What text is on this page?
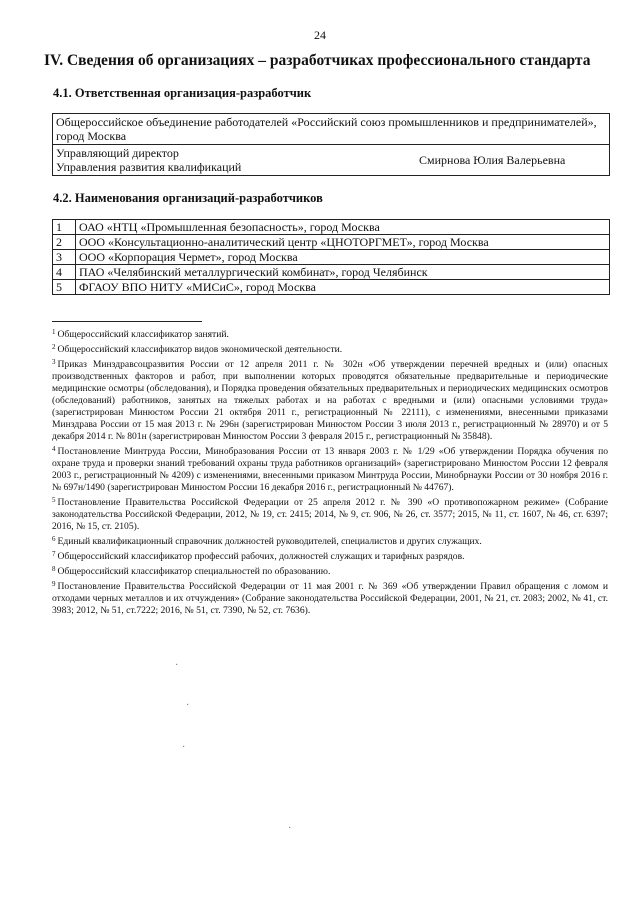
24
IV. Сведения об организациях – разработчиках профессионального стандарта
4.1. Ответственная организация-разработчик
Общероссийское объединение работодателей «Российский союз промышленников и предпринимателей», город Москва

Управляющий директор
Управления развития квалификаций	Смирнова Юлия Валерьевна
4.2. Наименования организаций-разработчиков
1	ОАО «НТЦ «Промышленная безопасность», город Москва
2	ООО «Консультационно-аналитический центр «ЦНОТОРГМЕТ», город Москва
3	ООО «Корпорация Чермет», город Москва
4	ПАО «Челябинский металлургический комбинат», город Челябинск
5	ФГАОУ ВПО НИТУ «МИСиС», город Москва

$^1$ Общероссийский классификатор занятий.

$^2$ Общероссийский классификатор видов экономической деятельности.

$^3$ Приказ Минздравсоцразвития России от 12 апреля 2011 г. № 302н «Об утверждении перечней вредных и (или) опасных производственных факторов и работ, при выполнении которых проводятся обязательные предварительные и периодические медицинские осмотры (обследования), и Порядка проведения обязательных предварительных и периодических медицинских осмотров (обследований) работников, занятых на тяжелых работах и на работах с вредными и (или) опасными условиями труда» (зарегистрирован Минюстом России 21 октября 2011 г., регистрационный № 22111), с изменениями, внесенными приказами Минздрава России от 15 мая 2013 г. № 296н (зарегистрирован Минюстом России 3 июля 2013 г., регистрационный № 28970) и от 5 декабря 2014 г. № 801н (зарегистрирован Минюстом России 3 февраля 2015 г., регистрационный № 35848).

$^4$ Постановление Минтруда России, Минобразования России от 13 января 2003 г. № 1/29 «Об утверждении Порядка обучения по охране труда и проверки знаний требований охраны труда работников организаций» (зарегистрировано Минюстом России 12 февраля 2003 г., регистрационный № 4209) с изменениями, внесенными приказом Минтруда России, Минобрнауки России от 30 ноября 2016 г. № 697н/1490 (зарегистрирован Минюстом России 16 декабря 2016 г., регистрационный № 44767).

$^5$ Постановление Правительства Российской Федерации от 25 апреля 2012 г. № 390 «О противопожарном режиме» (Собрание законодательства Российской Федерации, 2012, № 19, ст. 2415; 2014, № 9, ст. 906, № 26, ст. 3577; 2015, № 11, ст. 1607, № 46, ст. 6397; 2016, № 15, ст. 2105).

$^6$ Единый квалификационный справочник должностей руководителей, специалистов и других служащих.

$^7$ Общероссийский классификатор профессий рабочих, должностей служащих и тарифных разрядов.

$^8$ Общероссийский классификатор специальностей по образованию.

$^9$ Постановление Правительства Российской Федерации от 11 мая 2001 г. № 369 «Об утверждении Правил обращения с ломом и отходами черных металлов и их отчуждения» (Собрание законодательства Российской Федерации, 2001, № 21, ст. 2083; 2002, № 41, ст. 3983; 2012, № 51, ст.7222; 2016, № 51, ст. 7390, № 52, ст. 7636).

·
·
·
·
